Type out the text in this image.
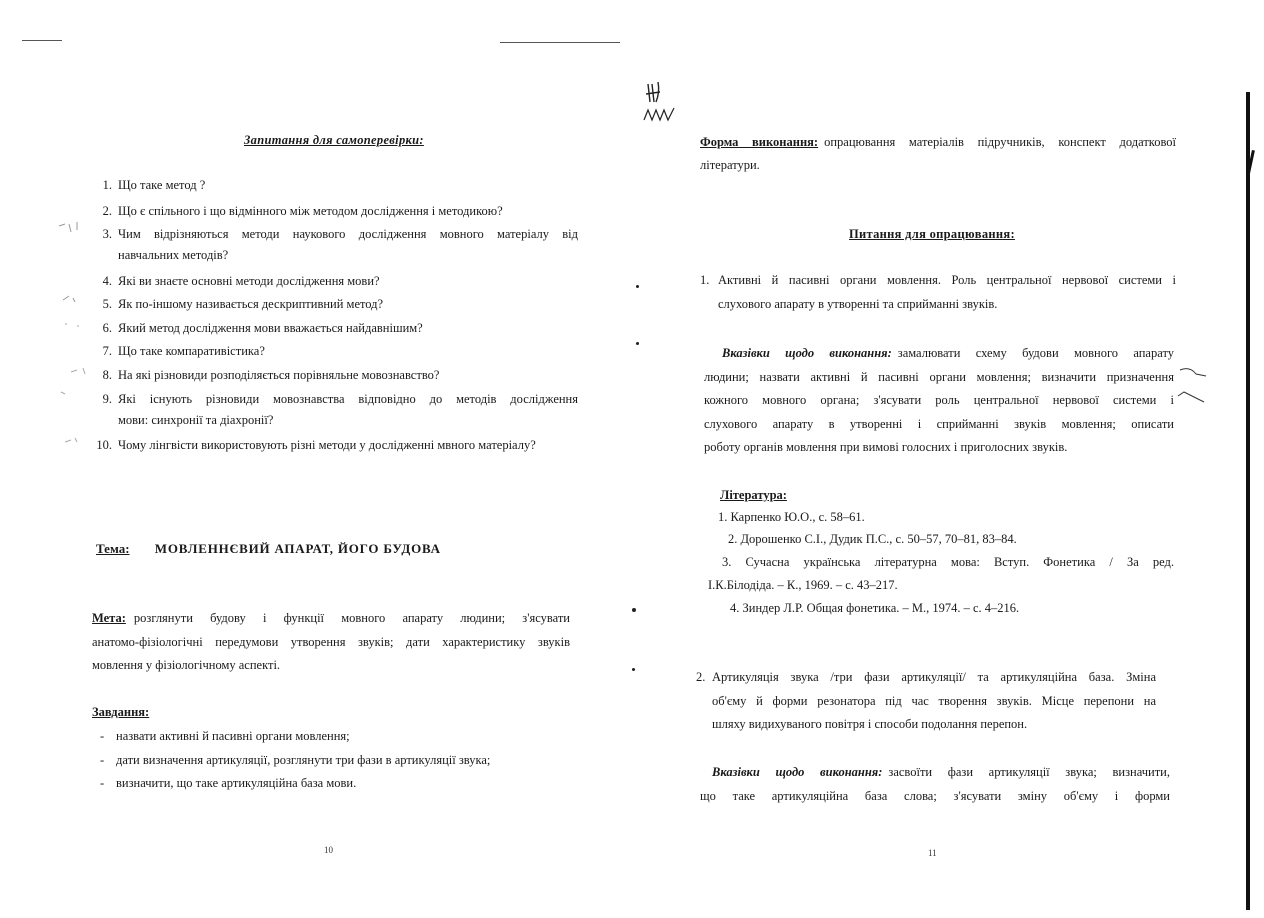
Запитання для самоперевірки:
1. Що таке метод ?
2. Що є спільного і що відмінного між методом дослідження і методикою?
3. Чим відрізняються методи наукового дослідження мовного матеріалу від
навчальних методів?
4. Які ви знаєте основні методи дослідження мови?
5. Як по-іншому називається дескриптивний метод?
6. Який метод дослідження мови вважається найдавнішим?
7. Що таке компаративістика?
8. На які різновиди розподіляється порівняльне мовознавство?
9. Які існують різновиди мовознавства відповідно до методів дослідження
мови: синхронії та діахронії?
10. Чому лінгвісти використовують різні методи у дослідженні мвного матеріалу?
Тема: МОВЛЕННЄВИЙ АПАРАТ, ЙОГО БУДОВА
Мета: розглянути будову і функції мовного апарату людини; з'ясувати
анатомо-фізіологічні передумови утворення звуків; дати характеристику звуків
мовлення у фізіологічному аспекті.
Завдання:
- назвати активні й пасивні органи мовлення;
- дати визначення артикуляції, розглянути три фази в артикуляції звука;
- визначити, що таке артикуляційна база мови.
10
Форма виконання: опрацювання матеріалів підручників, конспект додаткової
літератури.
Питання для опрацювання:
1. Активні й пасивні органи мовлення. Роль центральної нервової системи і
слухового апарату в утворенні та сприйманні звуків.
Вказівки щодо виконання: замалювати схему будови мовного апарату
людини; назвати активні й пасивні органи мовлення; визначити призначення
кожного мовного органа; з'ясувати роль центральної нервової системи і
слухового апарату в утворенні і сприйманні звуків мовлення; описати
роботу органів мовлення при вимові голосних і приголосних звуків.
Література:
1. Карпенко Ю.О., с. 58–61.
2. Дорошенко С.І., Дудик П.С., с. 50–57, 70–81, 83–84.
3. Сучасна українська літературна мова: Вступ. Фонетика / За ред.
І.К.Білодіда. – К., 1969. – с. 43–217.
4. Зиндер Л.Р. Общая фонетика. – М., 1974. – с. 4–216.
2. Артикуляція звука /три фази артикуляції/ та артикуляційна база. Зміна
об'єму й форми резонатора під час творення звуків. Місце перепони на
шляху видихуваного повітря і способи подолання перепон.
Вказівки щодо виконання: засвоїти фази артикуляції звука; визначити,
що таке артикуляційна база слова; з'ясувати зміну об'єму і форми
11
